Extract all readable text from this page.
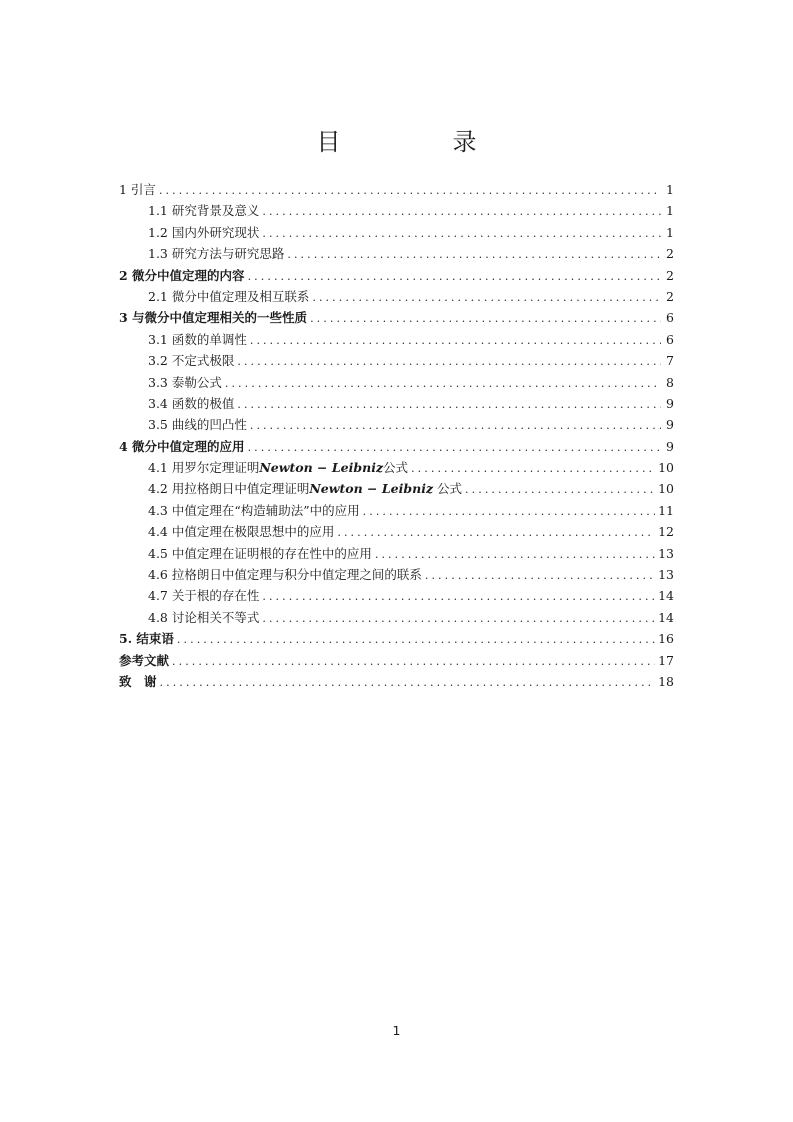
目　录
1 引言 .....	1
1.1 研究背景及意义 .....	1
1.2 国内外研究现状 .....	1
1.3 研究方法与研究思路 .....	2
2 微分中值定理的内容 .....	2
2.1 微分中值定理及相互联系 .....	2
3 与微分中值定理相关的一些性质 .....	6
3.1 函数的单调性 .....	6
3.2 不定式极限 .....	7
3.3 泰勒公式 .....	8
3.4 函数的极值 .....	9
3.5 曲线的凹凸性 .....	9
4 微分中值定理的应用 .....	9
4.1 用罗尔定理证明Newton − Leibniz公式 .....	10
4.2 用拉格朗日中值定理证明Newton − Leibniz 公式 .....	10
4.3 中值定理在“构造辅助法”中的应用 .....	11
4.4 中值定理在极限思想中的应用 .....	12
4.5 中值定理在证明根的存在性中的应用 .....	13
4.6 拉格朗日中值定理与积分中值定理之间的联系 .....	13
4.7 关于根的存在性 .....	14
4.8 讨论相关不等式 .....	14
5. 结束语 .....	16
参考文献 .....	17
致　谢 .....	18
1
